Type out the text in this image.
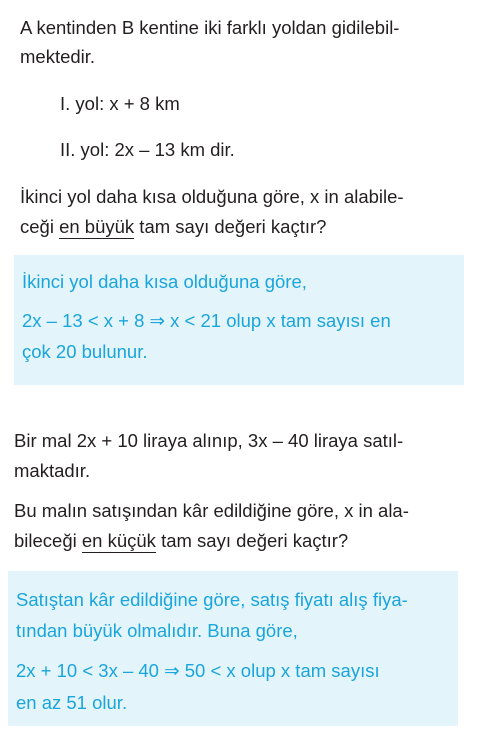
A kentinden B kentine iki farklı yoldan gidilebil-
mektedir.
I. yol: x + 8 km
II. yol: 2x – 13 km dir.
İkinci yol daha kısa olduğuna göre, x in alabile-
ceği en büyük tam sayı değeri kaçtır?
İkinci yol daha kısa olduğuna göre,
2x – 13 < x + 8 ⇒ x < 21 olup x tam sayısı en
çok 20 bulunur.
Bir mal 2x + 10 liraya alınıp, 3x – 40 liraya satıl-
maktadır.
Bu malın satışından kâr edildiğine göre, x in ala-
bileceği en küçük tam sayı değeri kaçtır?
Satıştan kâr edildiğine göre, satış fiyatı alış fiya-
tından büyük olmalıdır. Buna göre,
2x + 10 < 3x – 40 ⇒ 50 < x olup x tam sayısı
en az 51 olur.
